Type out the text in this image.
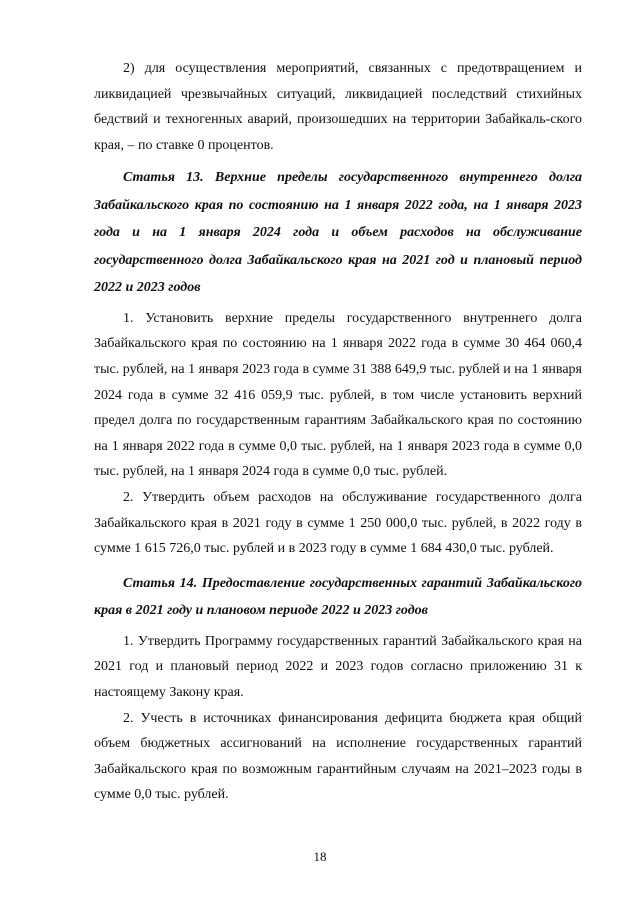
2) для осуществления мероприятий, связанных с предотвращением и ликвидацией чрезвычайных ситуаций, ликвидацией последствий стихийных бедствий и техногенных аварий, произошедших на территории Забайкаль-ского края, – по ставке 0 процентов.

Статья 13. Верхние пределы государственного внутреннего долга Забайкальского края по состоянию на 1 января 2022 года, на 1 января 2023 года и на 1 января 2024 года и объем расходов на обслуживание государственного долга Забайкальского края на 2021 год и плановый период 2022 и 2023 годов

1. Установить верхние пределы государственного внутреннего долга Забайкальского края по состоянию на 1 января 2022 года в сумме 30 464 060,4 тыс. рублей, на 1 января 2023 года в сумме 31 388 649,9 тыс. рублей и на 1 января 2024 года в сумме 32 416 059,9 тыс. рублей, в том числе установить верхний предел долга по государственным гарантиям Забайкальского края по состоянию на 1 января 2022 года в сумме 0,0 тыс. рублей, на 1 января 2023 года в сумме 0,0 тыс. рублей, на 1 января 2024 года в сумме 0,0 тыс. рублей.

2. Утвердить объем расходов на обслуживание государственного долга Забайкальского края в 2021 году в сумме 1 250 000,0 тыс. рублей, в 2022 году в сумме 1 615 726,0 тыс. рублей и в 2023 году в сумме 1 684 430,0 тыс. рублей.

Статья 14. Предоставление государственных гарантий Забайкальского края в 2021 году и плановом периоде 2022 и 2023 годов

1. Утвердить Программу государственных гарантий Забайкальского края на 2021 год и плановый период 2022 и 2023 годов согласно приложению 31 к настоящему Закону края.

2. Учесть в источниках финансирования дефицита бюджета края общий объем бюджетных ассигнований на исполнение государственных гарантий Забайкальского края по возможным гарантийным случаям на 2021–2023 годы в сумме 0,0 тыс. рублей.

18
